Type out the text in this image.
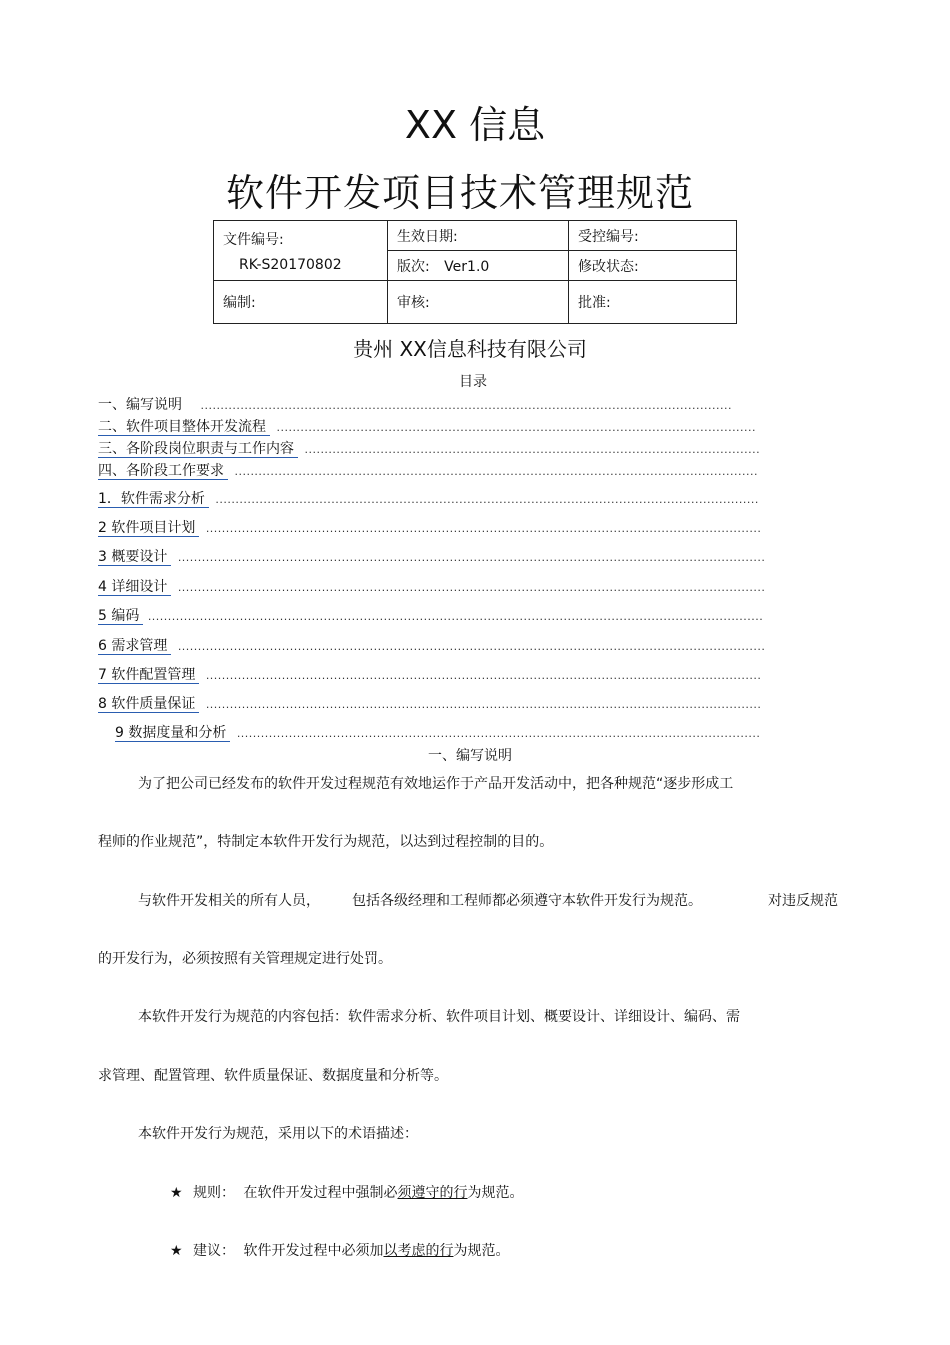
XX 信息
软件开发项目技术管理规范
文件编号:
RK-S20170802	生效日期:	受控编号:
	版次: Ver1.0	修改状态:
编制:	审核:	批准:
贵州 XX信息科技有限公司
目录
一、编写说明 .....................................................................................................................................
二、软件项目整体开发流程 ........................................................................................................................
三、各阶段岗位职责与工作内容 ..................................................................................................................
四、各阶段工作要求 ...................................................................................................................................
1．软件需求分析 ........................................................................................................................................
2 软件项目计划 ...........................................................................................................................................
3 概要设计 ...................................................................................................................................................
4 详细设计 ...................................................................................................................................................
5 编码 ..........................................................................................................................................................
6 需求管理 ...................................................................................................................................................
7 软件配置管理 ...........................................................................................................................................
8 软件质量保证 ...........................................................................................................................................
9 数据度量和分析 ...................................................................................................................................
一、编写说明
为了把公司已经发布的软件开发过程规范有效地运作于产品开发活动中，把各种规范“逐步形成工
程师的作业规范”，特制定本软件开发行为规范，以达到过程控制的目的。
与软件开发相关的所有人员， 包括各级经理和工程师都必须遵守本软件开发行为规范。	对违反规范
的开发行为，必须按照有关管理规定进行处罚。
本软件开发行为规范的内容包括：软件需求分析、软件项目计划、概要设计、详细设计、编码、需
求管理、配置管理、软件质量保证、数据度量和分析等。
本软件开发行为规范，采用以下的术语描述：
★ 规则： 在软件开发过程中强制必须遵守的行为规范。
★ 建议： 软件开发过程中必须加以考虑的行为规范。
